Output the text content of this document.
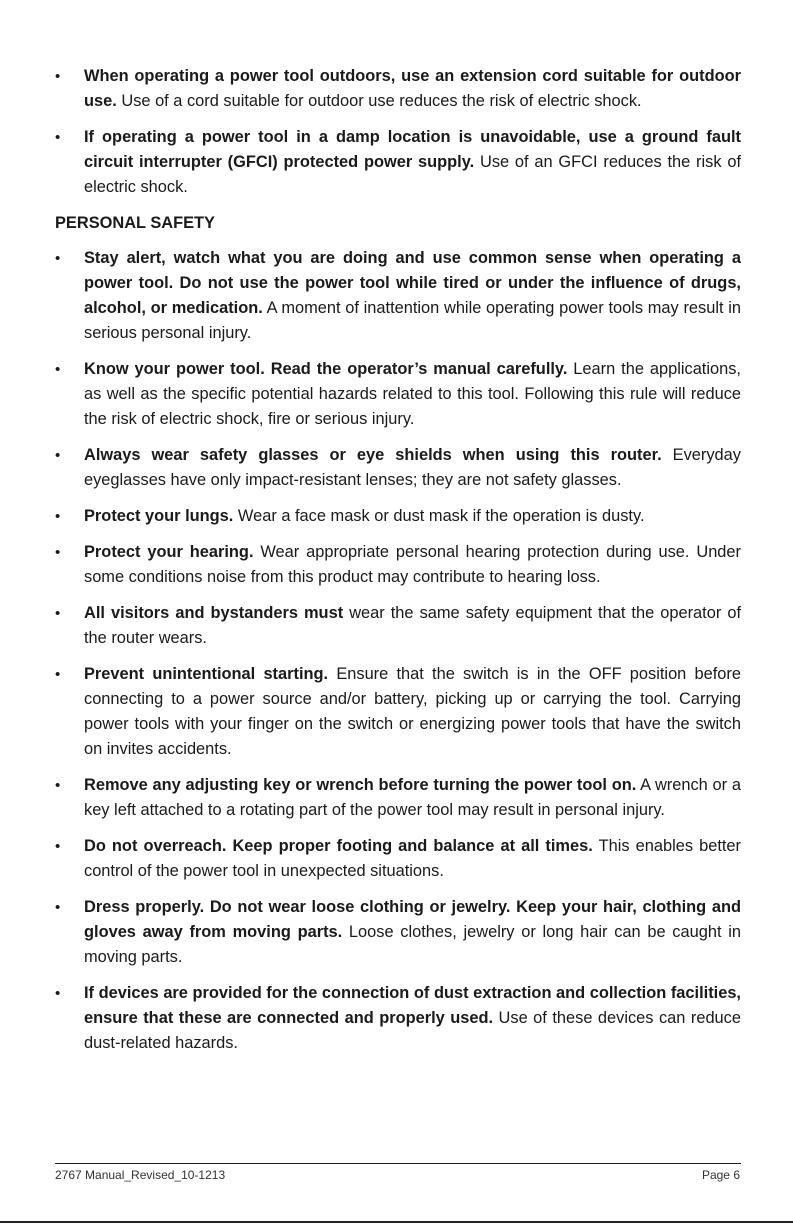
• When operating a power tool outdoors, use an extension cord suitable for outdoor use. Use of a cord suitable for outdoor use reduces the risk of electric shock.
• If operating a power tool in a damp location is unavoidable, use a ground fault circuit interrupter (GFCI) protected power supply. Use of an GFCI reduces the risk of electric shock.
PERSONAL SAFETY
• Stay alert, watch what you are doing and use common sense when operating a power tool. Do not use the power tool while tired or under the influence of drugs, alcohol, or medication. A moment of inattention while operating power tools may result in serious personal injury.
• Know your power tool. Read the operator’s manual carefully. Learn the applications, as well as the specific potential hazards related to this tool. Following this rule will reduce the risk of electric shock, fire or serious injury.
• Always wear safety glasses or eye shields when using this router. Everyday eyeglasses have only impact-resistant lenses; they are not safety glasses.
• Protect your lungs. Wear a face mask or dust mask if the operation is dusty.
• Protect your hearing. Wear appropriate personal hearing protection during use. Under some conditions noise from this product may contribute to hearing loss.
• All visitors and bystanders must wear the same safety equipment that the operator of the router wears.
• Prevent unintentional starting. Ensure that the switch is in the OFF position before connecting to a power source and/or battery, picking up or carrying the tool. Carrying power tools with your finger on the switch or energizing power tools that have the switch on invites accidents.
• Remove any adjusting key or wrench before turning the power tool on. A wrench or a key left attached to a rotating part of the power tool may result in personal injury.
• Do not overreach. Keep proper footing and balance at all times. This enables better control of the power tool in unexpected situations.
• Dress properly. Do not wear loose clothing or jewelry. Keep your hair, clothing and gloves away from moving parts. Loose clothes, jewelry or long hair can be caught in moving parts.
• If devices are provided for the connection of dust extraction and collection facilities, ensure that these are connected and properly used. Use of these devices can reduce dust-related hazards.
2767 Manual_Revised_10-1213	Page 6
